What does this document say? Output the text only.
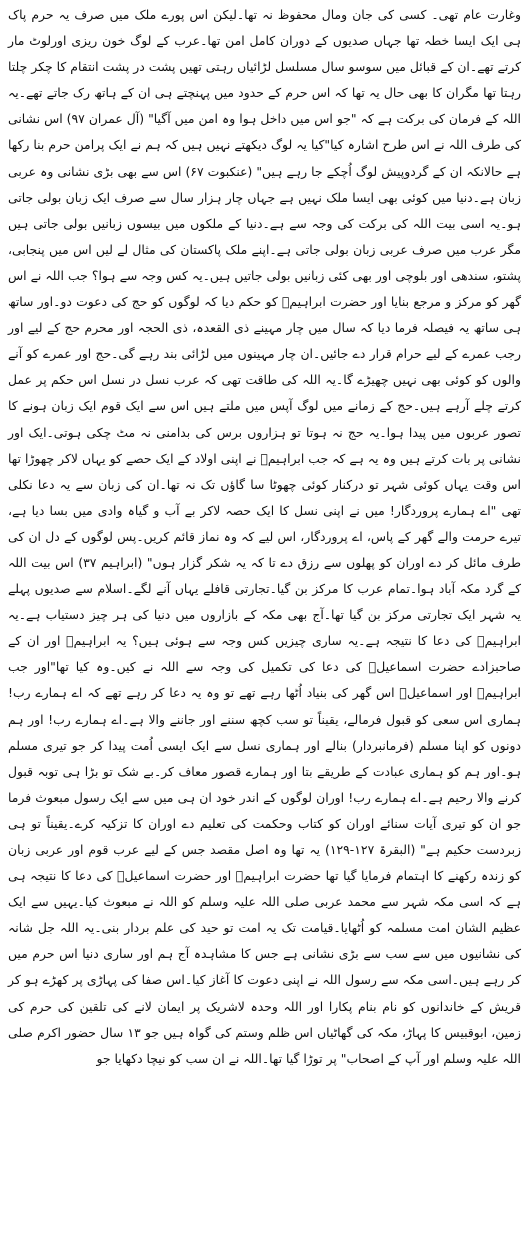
وغارت عام تھی۔ کسی کی جان ومال محفوظ نہ تھا۔لیکن اس پورے ملک میں صرف یہ حرم پاک ہی ایک ایسا خطہ تھا جہاں صدیوں کے دوران کامل امن تھا۔عرب کے لوگ خون ریزی اورلوٹ مار کرتے تھے۔ان کے قبائل میں سوسو سال مسلسل لڑائیاں رہتی تھیں پشت در پشت انتقام کا چکر چلتا رہتا تھا مگران کا بھی حال یہ تھا کہ اس حرم کے حدود میں پہنچتے ہی ان کے ہاتھ رک جاتے تھے۔یہ اللہ کے فرمان کی برکت ہے کہ "جو اس میں داخل ہوا وہ امن میں آگیا" (آل عمران ۹۷) اس نشانی کی طرف اللہ نے اس طرح اشارہ کیا"کیا یہ لوگ دیکھتے نہیں ہیں کہ ہم نے ایک پرامن حرم بنا رکھا ہے حالانکہ ان کے گردوپیش لوگ اُچکے جا رہے ہیں" (عنکبوت ۶۷) اس سے بھی بڑی نشانی وہ عربی زبان ہے۔دنیا میں کوئی بھی ایسا ملک نہیں ہے جہاں چار ہزار سال سے صرف ایک زبان بولی جاتی ہو۔یہ اسی بیت اللہ کی برکت کی وجہ سے ہے۔دنیا کے ملکوں میں بیسوں زبانیں بولی جاتی ہیں مگر عرب میں صرف عربی زبان بولی جاتی ہے۔اپنے ملک پاکستان کی مثال لے لیں اس میں پنجابی، پشتو، سندھی اور بلوچی اور بھی کئی زبانیں بولی جاتیں ہیں۔یہ کس وجہ سے ہوا؟ جب اللہ نے اس گھر کو مرکز و مرجع بنایا اور حضرت ابراہیمؑ کو حکم دیا کہ لوگوں کو حج کی دعوت دو۔اور ساتھ ہی ساتھ یہ فیصلہ فرما دیا کہ سال میں چار مہینے ذی القعدہ، ذی الحجہ اور محرم حج کے لیے اور رجب عمرے کے لیے حرام قرار دے جائیں۔ان چار مہینوں میں لڑائی بند رہے گی۔حج اور عمرے کو آنے والوں کو کوئی بھی نہیں چھیڑے گا۔یہ اللہ کی طاقت تھی کہ عرب نسل در نسل اس حکم پر عمل کرتے چلے آرہے ہیں۔حج کے زمانے میں لوگ آپس میں ملتے ہیں اس سے ایک قوم ایک زبان ہونے کا تصور عربوں میں پیدا ہوا۔یہ حج نہ ہوتا تو ہزاروں برس کی بدامنی نہ مٹ چکی ہوتی۔ایک اور نشانی پر بات کرتے ہیں وہ یہ ہے کہ جب ابراہیمؑ نے اپنی اولاد کے ایک حصے کو یہاں لاکر چھوڑا تھا اس وقت یہاں کوئی شہر تو درکنار کوئی چھوٹا سا گاؤں تک نہ تھا۔ان کی زبان سے یہ دعا نکلی تھی "اے ہمارے پروردگار! میں نے اپنی نسل کا ایک حصہ لاکر بے آب و گیاہ وادی میں بسا دیا ہے، تیرے حرمت والے گھر کے پاس، اے پروردگار، اس لیے کہ وہ نماز قائم کریں۔پس لوگوں کے دل ان کی طرف مائل کر دے اوران کو پھلوں سے رزق دے تا کہ یہ شکر گزار ہوں" (ابراہیم ۳۷) اس بیت اللہ کے گرد مکہ آباد ہوا۔تمام عرب کا مرکز بن گیا۔تجارتی قافلے یہاں آنے لگے۔اسلام سے صدیوں پہلے یہ شہر ایک تجارتی مرکز بن گیا تھا۔آج بھی مکہ کے بازاروں میں دنیا کی ہر چیز دستیاب ہے۔یہ ابراہیمؑ کی دعا کا نتیجہ ہے۔یہ ساری چیزیں کس وجہ سے ہوئی ہیں؟ یہ ابراہیمؑ اور ان کے صاحبزادے حضرت اسماعیلؑ کی دعا کی تکمیل کی وجہ سے اللہ نے کیں۔وہ کیا تھا"اور جب ابراہیمؑ اور اسماعیلؑ اس گھر کی بنیاد اُٹھا رہے تھے تو وہ یہ دعا کر رہے تھے کہ اے ہمارے رب! ہماری اس سعی کو قبول فرمالے، یقیناً تو سب کچھ سننے اور جاننے والا ہے۔اے ہمارے رب! اور ہم دونوں کو اپنا مسلم (فرمانبردار) بنالے اور ہماری نسل سے ایک ایسی اُمت پیدا کر جو تیری مسلم ہو۔اور ہم کو ہماری عبادت کے طریقے بتا اور ہمارے قصور معاف کر۔بے شک تو بڑا ہی توبہ قبول کرنے والا رحیم ہے۔اے ہمارے رب! اوران لوگوں کے اندر خود ان ہی میں سے ایک رسول مبعوث فرما جو ان کو تیری آیات سنائے اوران کو کتاب وحکمت کی تعلیم دے اوران کا تزکیہ کرے۔یقیناً تو ہی زبردست حکیم ہے" (البقرۃ ۱۲۷-۱۲۹) یہ تھا وہ اصل مقصد جس کے لیے عرب قوم اور عربی زبان کو زندہ رکھنے کا اہتمام فرمایا گیا تھا حضرت ابراہیمؑ اور حضرت اسماعیلؑ کی دعا کا نتیجہ ہی ہے کہ اسی مکہ شہر سے محمد عربی صلی اللہ علیہ وسلم کو اللہ نے مبعوث کیا۔یہیں سے ایک عظیم الشان امت مسلمہ کو اُٹھایا۔قیامت تک یہ امت تو حید کی علم بردار بنی۔یہ اللہ جل شانہ کی نشانیوں میں سے سب سے بڑی نشانی ہے جس کا مشاہدہ آج ہم اور ساری دنیا اس حرم میں کر رہے ہیں۔اسی مکہ سے رسول اللہ نے اپنی دعوت کا آغاز کیا۔اس صفا کی پہاڑی پر کھڑے ہو کر قریش کے خاندانوں کو نام بنام پکارا اور اللہ وحدہ لاشریک پر ایمان لانے کی تلقین کی حرم کی زمین، ابوقبیس کا پہاڑ، مکہ کی گھاٹیاں اس ظلم وستم کی گواہ ہیں جو ۱۳ سال حضور اکرم صلی اللہ علیہ وسلم اور آپ کے اصحاب" پر توڑا گیا تھا۔اللہ نے ان سب کو نیچا دکھایا جو
